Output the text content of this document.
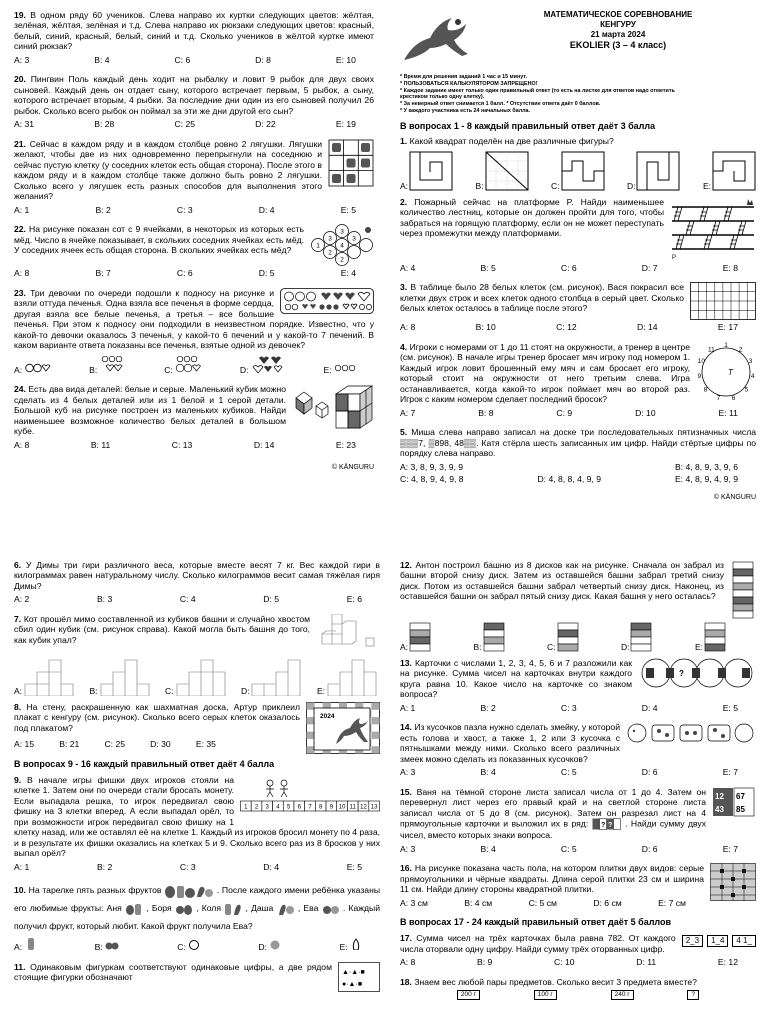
19. В одном ряду 60 учеников. Слева направо их куртки следующих цветов: жёлтая, зелёная, жёлтая, зелёная и т.д. Слева направо их рюкзаки следующих цветов: красный, белый, синий, красный, белый, синий и т.д. Сколько учеников в жёлтой куртке имеют синий рюкзак?
A: 3	B: 4	C: 6	D: 8	E: 10
20. Пингвин Поль каждый день ходит на рыбалку и ловит 9 рыбок для двух своих сыновей. Каждый день он отдает сыну, которого встречает первым, 5 рыбок, а сыну, которого встречает вторым, 4 рыбки. За последние дни один из его сыновей получил 26 рыбок. Сколько всего рыбок он поймал за эти же дни другой его сын?
A: 31	B: 28	C: 25	D: 22	E: 19
21. Сейчас в каждом ряду и в каждом столбце ровно 2 лягушки. Лягушки желают, чтобы две из них одновременно перепрыгнули на соседнюю и сейчас пустую клетку (у соседних клеток есть общая сторона). После этого в каждом ряду и в каждом столбце также должно быть ровно 2 лягушки. Сколько всего у лягушек есть разных способов для выполнения этого желания?
A: 1	B: 2	C: 3	D: 4	E: 5
1
3
2
3
4
2
3
22. На рисунке показан сот с 9 ячейками, в некоторых из которых есть мёд. Число в ячейке показывает, в скольких соседних ячейках есть мёд. У соседних ячеек есть общая сторона. В скольких ячейках есть мёд?
A: 8	B: 7	C: 6	D: 5	E: 4
23. Три девочки по очереди подошли к подносу на рисунке и взяли оттуда печенья. Одна взяла все печенья в форме сердца, другая взяла все белые печенья, а третья – все большие печенья. При этом к подносу они подходили в неизвестном порядке. Известно, что у какой-то девочки оказалось 3 печенья, у какой-то 6 печений и у какой-то 7 печений. В каком варианте ответа показаны все печенья, взятые одной из девочек?
A:	B:	C:	D:	E:
24. Есть два вида деталей: белые и серые. Маленький кубик можно сделать из 4 белых деталей или из 1 белой и 1 серой детали. Большой куб на рисунке построен из маленьких кубиков. Найди наименьшее возможное количество белых деталей в большом кубе.
A: 8	B: 11	C: 13	D: 14	E: 23
© KÄNGURU
МАТЕМАТИЧЕСКОЕ СОРЕВНОВАНИЕ
КЕНГУРУ
21 марта 2024
EKOLIER (3 – 4 класс)
* Время для решения заданий 1 час и 15 минут.
* ПОЛЬЗОВАТЬСЯ КАЛЬКУЛЯТОРОМ ЗАПРЕЩЕНО!
* Каждое задание имеет только один правильный ответ (то есть на листке для ответов надо отметить
крестиком только одну клетку).
* За неверный ответ снимается 1 балл. * Отсутствие ответа даёт 0 баллов.
* У каждого участника есть 24 начальных балла.
В вопросах 1 - 8 каждый правильный ответ даёт 3 балла
1. Какой квадрат поделён на две различные фигуры?
A:	B:	C:	D:	E:
P
2. Пожарный сейчас на платформе P. Найди наименьшее количество лестниц, которые он должен пройти для того, чтобы забраться на горящую платформу, если он не может переступать через промежутки между платформами.
A: 4	B: 5	C: 6	D: 7	E: 8
3. В таблице было 28 белых клеток (см. рисунок). Вася покрасил все клетки двух строк и всех клеток одного столбца в серый цвет. Сколько белых клеток осталось в таблице после этого?
A: 8	B: 10	C: 12	D: 14	E: 17
1
2
3
4
5
6
7
8
9
10
11
T
4. Игроки с номерами от 1 до 11 стоят на окружности, а тренер в центре (см. рисунок). В начале игры тренер бросает мяч игроку под номером 1. Каждый игрок ловит брошенный ему мяч и сам бросает его игроку, который стоит на окружности от него третьим слева. Игра останавливается, когда какой-то игрок поймает мяч во второй раз. Игрок с каким номером сделает последний бросок?
A: 7	B: 8	C: 9	D: 10	E: 11
5. Миша слева направо записал на доске три последовательных пятизначных числа ▒▒▒7, ▒898, 48▒▒. Катя стёрла шесть записанных им цифр. Найди стёртые цифры по порядку слева направо.
A: 3, 8, 9, 3, 9, 9	B: 4, 8, 9, 3, 9, 6
C: 4, 8, 9, 4, 9, 8	D: 4, 8, 8, 4, 9, 9	E: 4, 8, 9, 4, 9, 9
© KÄNGURU
6. У Димы три гири различного веса, которые вместе весят 7 кг. Вес каждой гири в килограммах равен натуральному числу. Сколько килограммов весит самая тяжёлая гиря Димы?
A: 2	B: 3	C: 4	D: 5	E: 6
7. Кот прошёл мимо составленной из кубиков башни и случайно хвостом сбил один кубик (см. рисунок справа). Какой могла быть башня до того, как кубик упал?
A:	B:	C:	D:	E:
2024
8. На стену, раскрашенную как шахматная доска, Артур приклеил плакат с кенгуру (см. рисунок). Сколько всего серых клеток оказалось под плакатом?
A: 15	B: 21	C: 25	D: 30	E: 35
В вопросах 9 - 16 каждый правильный ответ даёт 4 балла
1 2 3 4 5 6 7 8 9 10 11 12 13
9. В начале игры фишки двух игроков стояли на клетке 1. Затем они по очереди стали бросать монету. Если выпадала решка, то игрок передвигал свою фишку на 3 клетки вперед. А если выпадал орёл, то при возможности игрок передвигал свою фишку на 1 клетку назад, или же оставлял её на клетке 1. Каждый из игроков бросил монету по 4 раза, и в результате их фишки оказались на клетках 5 и 9. Сколько всего раз из 8 бросков у них выпал орёл?
A: 1	B: 2	C: 3	D: 4	E: 5
10. На тарелке пять разных фруктов	. После каждого имени ребёнка указаны его любимые фрукты: Аня	, Боря	, Коля	, Даша	, Ева	. Каждый получил фрукт, который любит. Какой фрукт получила Ева?
A:	B:	C:	D:	E:
▲·▲·■
●·▲·■
11. Одинаковым фигуркам соответствуют одинаковые цифры, а две рядом стоящие фигурки обозначают
12. Антон построил башню из 8 дисков как на рисунке. Сначала он забрал из башни второй снизу диск. Затем из оставшейся башни забрал третий снизу диск. Потом из оставшейся башни забрал четвертый снизу диск. Наконец, из оставшейся башни он забрал пятый снизу диск. Какая башня у него осталась?
A:	B:	C:	D:	E:
?
13. Карточки с числами 1, 2, 3, 4, 5, 6 и 7 разложили как на рисунке. Сумма чисел на карточках внутри каждого круга равна 10. Какое число на карточке со знаком вопроса?
A: 1	B: 2	C: 3	D: 4	E: 5
14. Из кусочков пазла нужно сделать змейку, у которой есть голова и хвост, а также 1, 2 или 3 кусочка с пятнышками между ними. Сколько всего различных змеек можно сделать из показанных кусочков?
A: 3	B: 4	C: 5	D: 6	E: 7
12 67
43 85
15. Ваня на тёмной стороне листа записал числа от 1 до 4. Затем он перевернул лист через его правый край и на светлой стороне листа записал числа от 5 до 8 (см. рисунок). Затем он разрезал лист на 4 прямоугольные карточки и выложил их в ряд: ? ? . Найди сумму двух чисел, вместо которых знаки вопроса.
A: 3	B: 4	C: 5	D: 6	E: 7
16. На рисунке показана часть пола, на котором плитки двух видов: серые прямоугольники и чёрные квадраты. Длина серой плитки 23 см и ширина 11 см. Найди длину стороны квадратной плитки.
A: 3 см	B: 4 см	C: 5 см	D: 6 см	E: 7 см
В вопросах 17 - 24 каждый правильный ответ даёт 5 баллов
2_3	1_4	4 1_
17. Сумма чисел на трёх карточках была равна 782. От каждого числа оторвали одну цифру. Найди сумму трёх оторванных цифр.
A: 8	B: 9	C: 10	D: 11	E: 12
18. Знаем вес любой пары предметов. Сколько весит 3 предмета вместе?
200 г	100 г	240 г	?
